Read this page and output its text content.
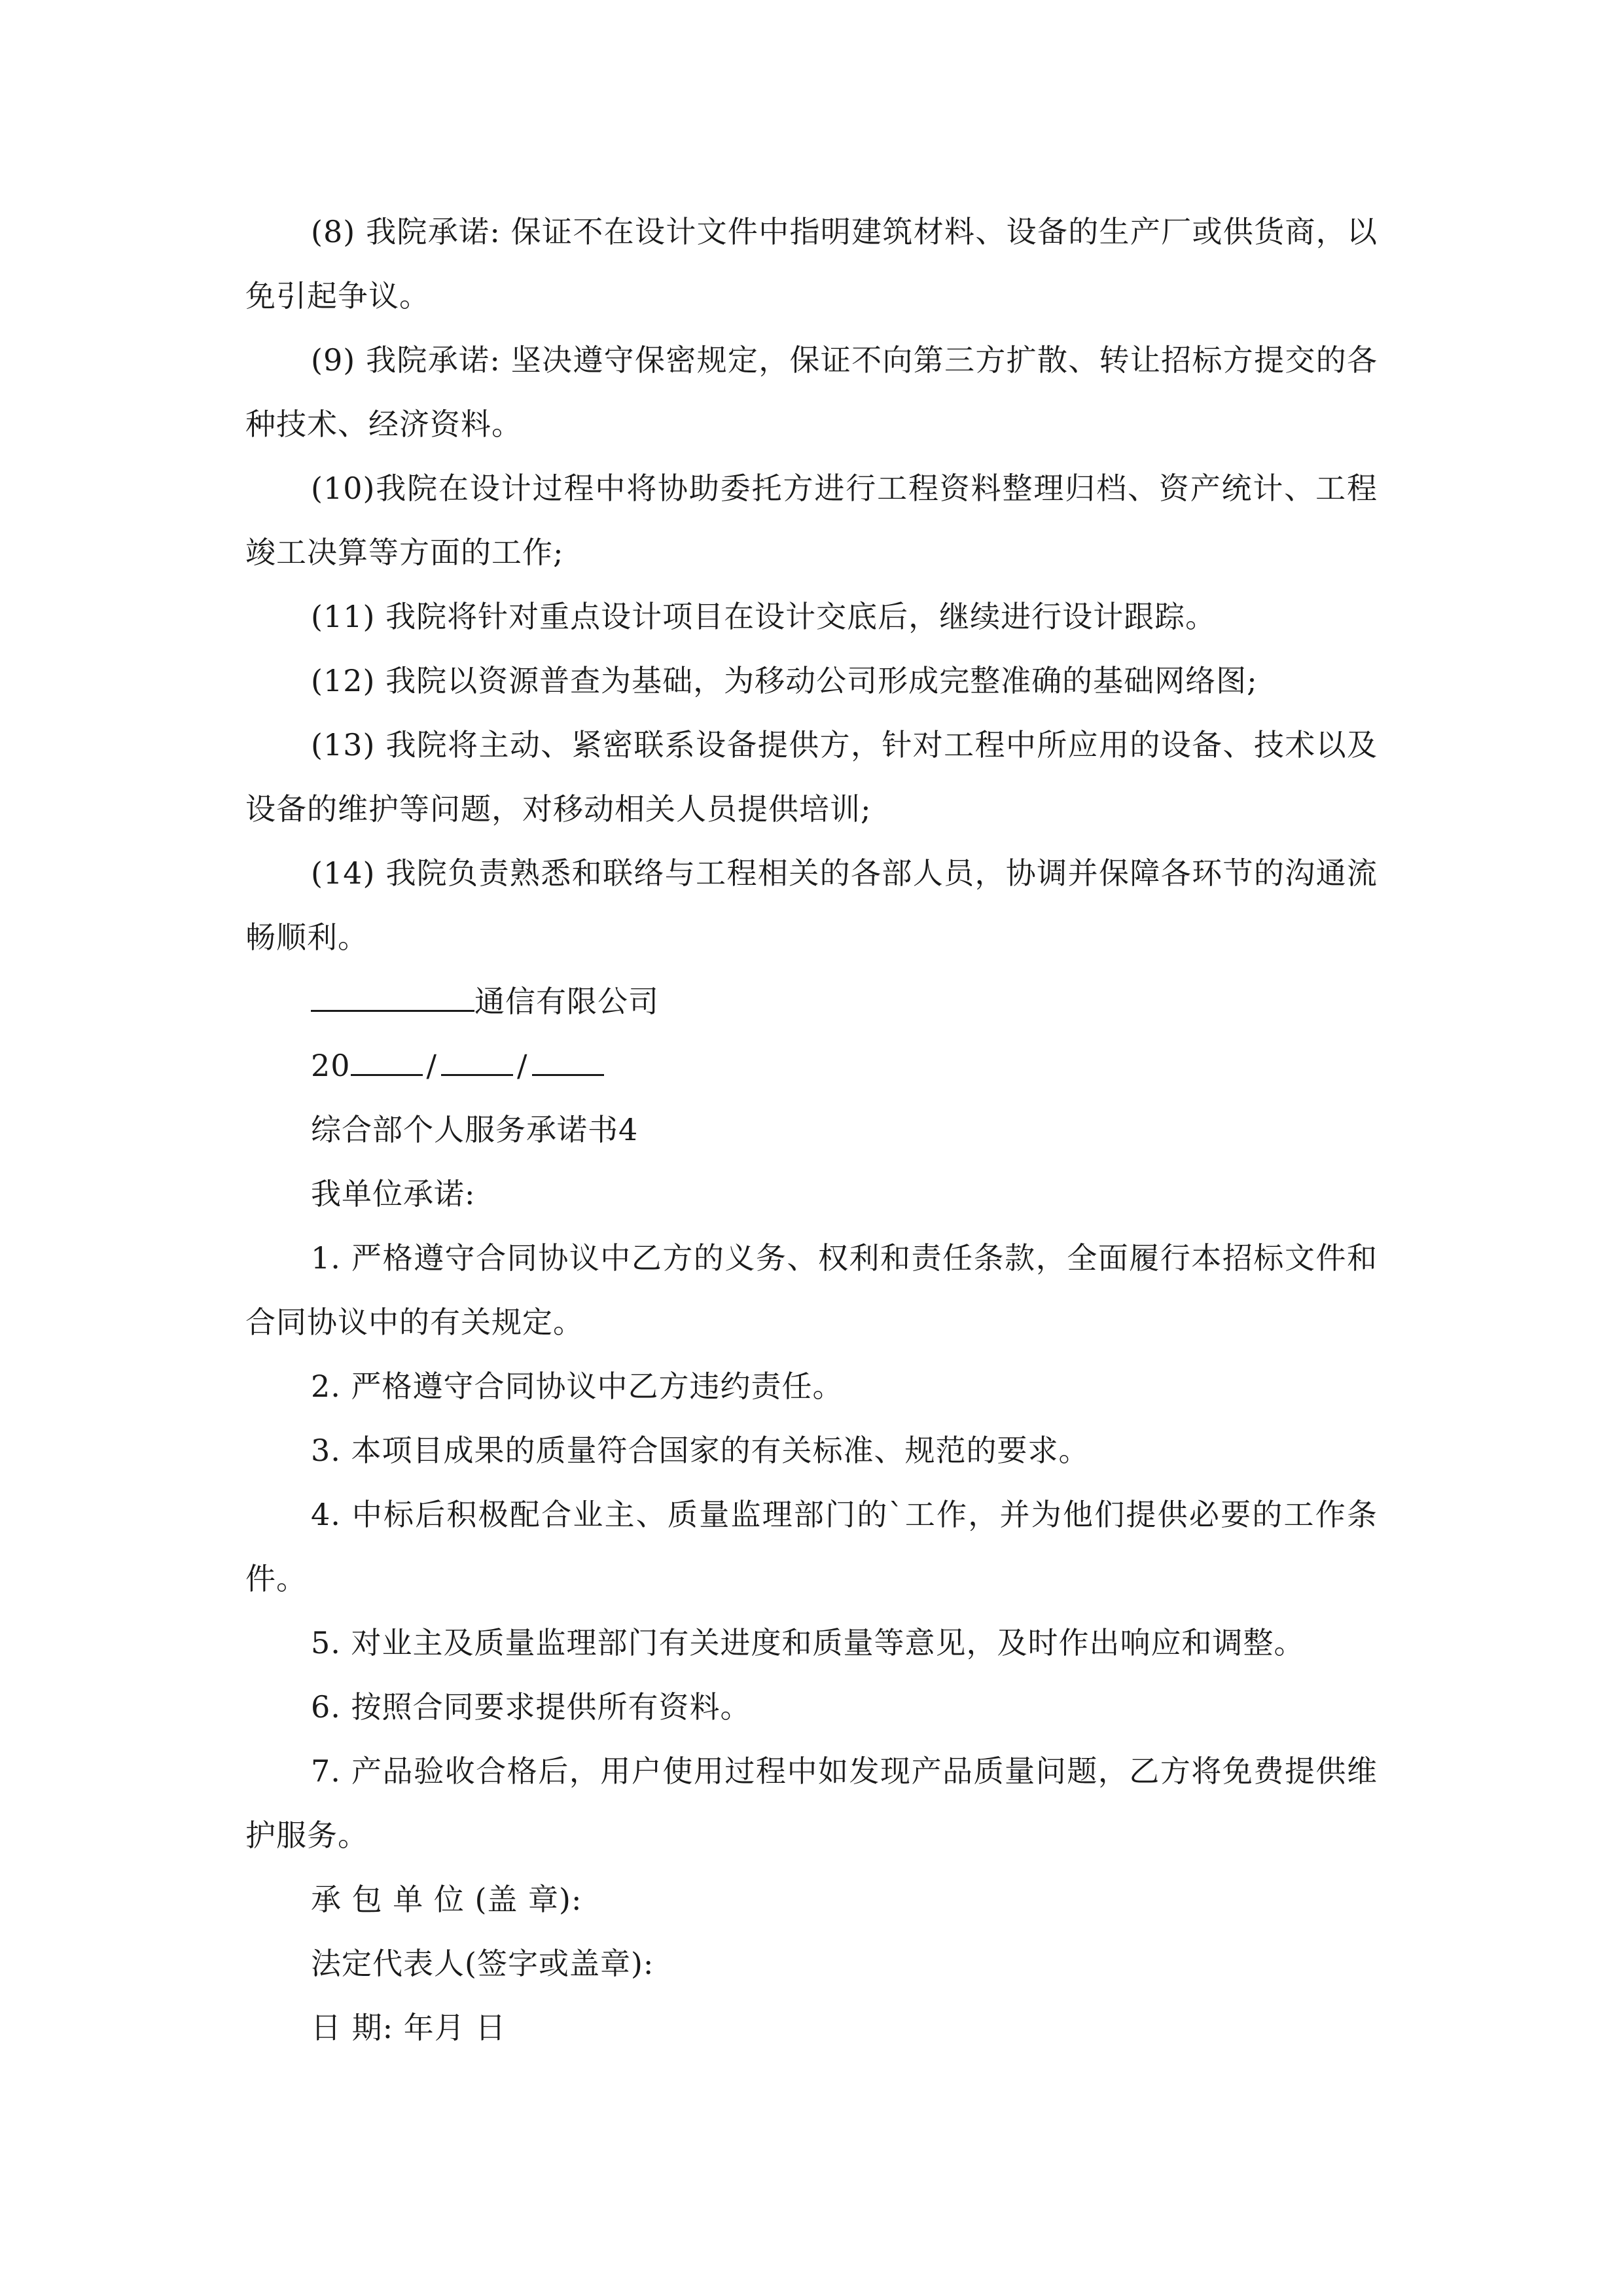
(8) 我院承诺: 保证不在设计文件中指明建筑材料、设备的生产厂或供货商，以免引起争议。

(9) 我院承诺: 坚决遵守保密规定，保证不向第三方扩散、转让招标方提交的各种技术、经济资料。

(10)我院在设计过程中将协助委托方进行工程资料整理归档、资产统计、工程竣工决算等方面的工作;

(11) 我院将针对重点设计项目在设计交底后，继续进行设计跟踪。

(12) 我院以资源普查为基础，为移动公司形成完整准确的基础网络图;

(13) 我院将主动、紧密联系设备提供方，针对工程中所应用的设备、技术以及设备的维护等问题，对移动相关人员提供培训;

(14) 我院负责熟悉和联络与工程相关的各部人员，协调并保障各环节的沟通流畅顺利。

通信有限公司

20	/	/

综合部个人服务承诺书4

我单位承诺:

1. 严格遵守合同协议中乙方的义务、权利和责任条款，全面履行本招标文件和合同协议中的有关规定。

2. 严格遵守合同协议中乙方违约责任。

3. 本项目成果的质量符合国家的有关标准、规范的要求。

4. 中标后积极配合业主、质量监理部门的`工作，并为他们提供必要的工作条件。

5. 对业主及质量监理部门有关进度和质量等意见，及时作出响应和调整。

6. 按照合同要求提供所有资料。

7. 产品验收合格后，用户使用过程中如发现产品质量问题，乙方将免费提供维护服务。

承 包 单 位 (盖 章):

法定代表人(签字或盖章):

日 期: 年月 日
